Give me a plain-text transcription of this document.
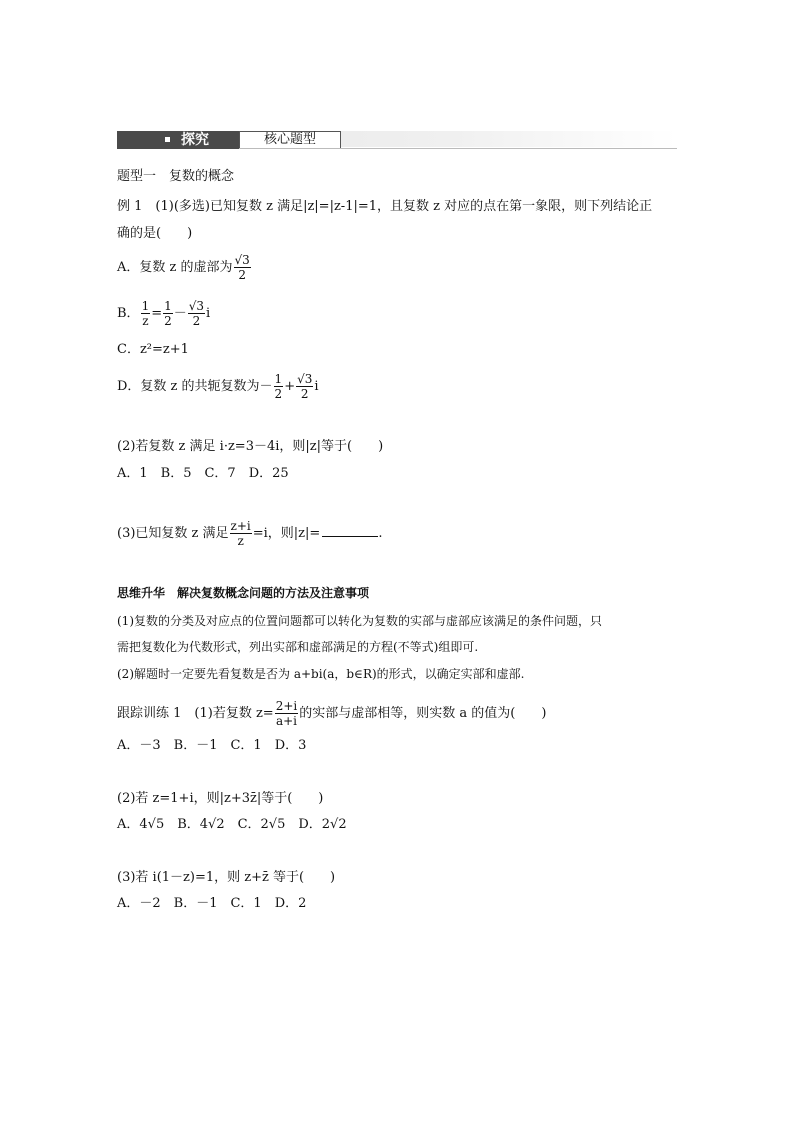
探究	核心题型
题型一　复数的概念
例 1　(1)(多选)已知复数 z 满足|z|=|z-1|=1，且复数 z 对应的点在第一象限，则下列结论正
确的是(　　)
A．复数 z 的虚部为 $\frac{√3}{2}$
B． $\frac{1}{z} = \frac{1}{2} - \frac{√3}{2}$ i
C．z²=z+1
D．复数 z 的共轭复数为－ $\frac{1}{2} + \frac{√3}{2}$ i
(2)若复数 z 满足 i·z=3－4i，则|z|等于(　　)
A．1　B．5　C．7　D．25
(3)已知复数 z 满足 $\frac{z+i}{z} =i$，则|z|=	.
思维升华　解决复数概念问题的方法及注意事项
(1)复数的分类及对应点的位置问题都可以转化为复数的实部与虚部应该满足的条件问题，只
需把复数化为代数形式，列出实部和虚部满足的方程(不等式)组即可.
(2)解题时一定要先看复数是否为 a+bi(a，b∈R)的形式，以确定实部和虚部.
跟踪训练 1　(1)若复数 $z= \frac{2+i}{a+i}$ 的实部与虚部相等，则实数 a 的值为(　　)
A．－3　B．－1　C．1　D．3
(2)若 z=1+i，则|z+3z̄|等于(　　)
A．4√5　B．4√2　C．2√5　D．2√2
(3)若 i(1－z)=1，则 z+z̄ 等于(　　)
A．－2　B．－1　C．1　D．2
